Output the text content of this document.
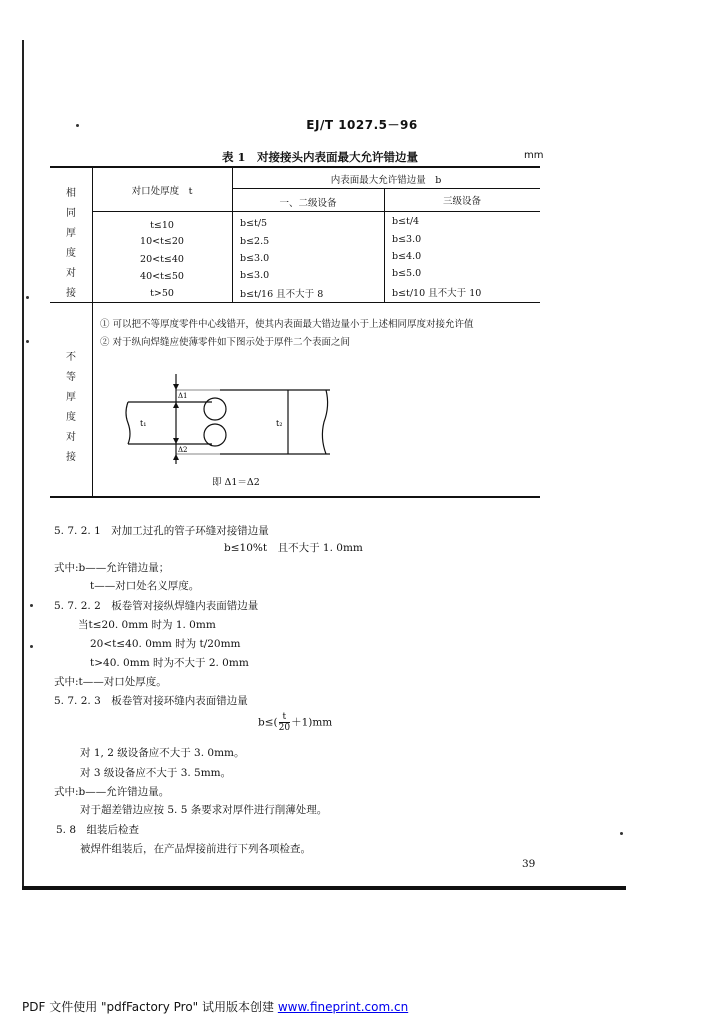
EJ/T 1027.5－96
表 1　对接接头内表面最大允许错边量	mm
对口处厚度　t
内表面最大允许错边量　b
一、二级设备	三级设备
相
同
厚
度
对
接
不
等
厚
度
对
接
t≤10	b≤t/5	b≤t/4
10<t≤20	b≤2.5	b≤3.0
20<t≤40	b≤3.0	b≤4.0
40<t≤50	b≤3.0	b≤5.0
t>50	b≤t/16 且不大于 8	b≤t/10 且不大于 10
① 可以把不等厚度零件中心线错开，使其内表面最大错边量小于上述相同厚度对接允许值
② 对于纵向焊缝应使薄零件如下图示处于厚件二个表面之间
Δ1
Δ2
t₁	t₂
即 Δ1＝Δ2
5. 7. 2. 1　对加工过孔的管子环缝对接错边量
b≤10%t　且不大于 1. 0mm
式中:b——允许错边量；
t——对口处名义厚度。
5. 7. 2. 2　板卷管对接纵焊缝内表面错边量
当t≤20. 0mm 时为 1. 0mm
20<t≤40. 0mm 时为 t/20mm
t>40. 0mm 时为不大于 2. 0mm
式中:t——对口处厚度。
5. 7. 2. 3　板卷管对接环缝内表面错边量
$b\le( \frac{t}{20} +1)mm$
对 1, 2 级设备应不大于 3. 0mm。
对 3 级设备应不大于 3. 5mm。
式中:b——允许错边量。
对于超差错边应按 5. 5 条要求对厚件进行削薄处理。
5. 8　组装后检查
被焊件组装后，在产品焊接前进行下列各项检查。
39
PDF 文件使用 "pdfFactory Pro" 试用版本创建 www.fineprint.com.cn
